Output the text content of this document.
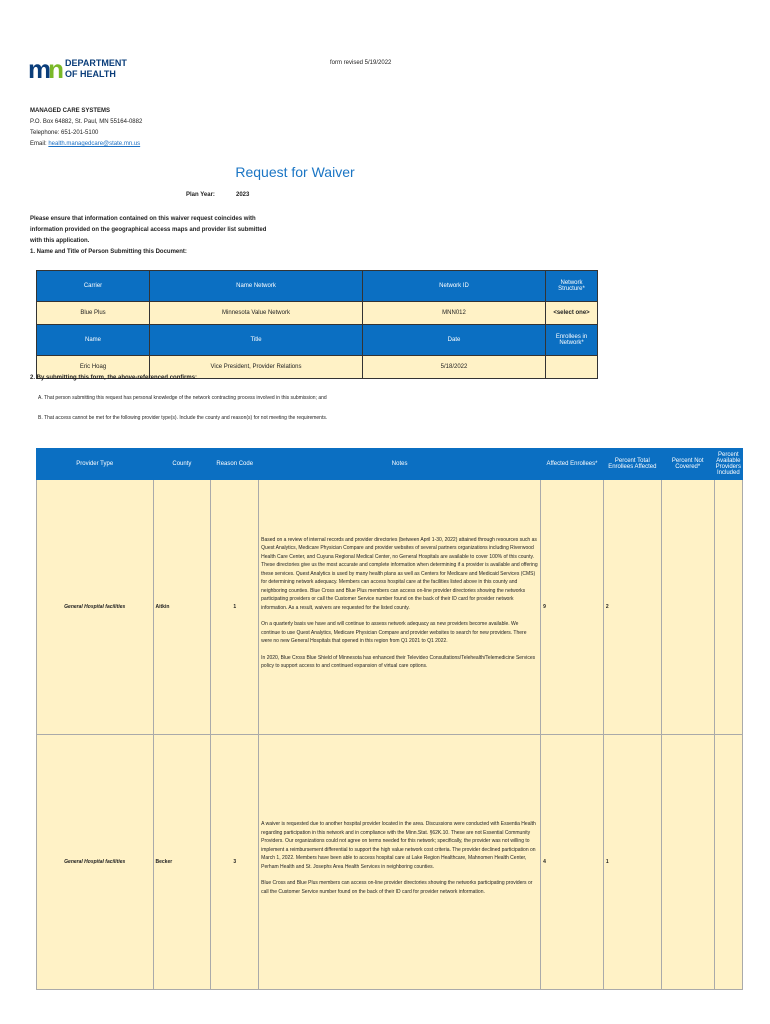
form revised 5/19/2022
mn DEPARTMENT
OF HEALTH
MANAGED CARE SYSTEMS
P.O. Box 64882, St. Paul, MN 55164-0882
Telephone: 651-201-5100
Email: health.managedcare@state.mn.us
Request for Waiver
Plan Year:	2023
Please ensure that information contained on this waiver request coincides with information provided on the geographical access maps and provider list submitted with this application.
1. Name and Title of Person Submitting this Document:
Carrier	Name Network	Network ID	Network Structure*
Blue Plus	Minnesota Value Network	MNN012	<select one>
Name	Title	Date	Enrollees in Network*
Eric Hoag	Vice President, Provider Relations	5/18/2022	
2. By submitting this form, the above-referenced confirms:
A. That person submitting this request has personal knowledge of the network contracting process involved in this submission; and
B. That access cannot be met for the following provider type(s). Include the county and reason(s) for not meeting the requirements.
Provider Type	County	Reason Code	Notes	Affected Enrollees*	Percent Total Enrollees Affected	Percent Not Covered*	Percent Available Providers Included
General Hospital facilities	Aitkin	1	Based on a review of internal records and provider directories (between April 1-30, 2022) attained through resources such as Quest Analytics, Medicare Physician Compare and provider websites of several partners organizations including Riverwood Health Care Center, and Cuyuna Regional Medical Center, no General Hospitals are available to cover 100% of this county. These directories give us the most accurate and complete information when determining if a provider is available and offering these services. Quest Analytics is used by many health plans as well as Centers for Medicare and Medicaid Services (CMS) for determining network adequacy. Members can access hospital care at the facilities listed above in this county and neighboring counties. Blue Cross and Blue Plus members can access on-line provider directories showing the networks participating providers or call the Customer Service number found on the back of their ID card for provider network information. As a result, waivers are requested for the listed county.

On a quarterly basis we have and will continue to assess network adequacy as new providers become available. We continue to use Quest Analytics, Medicare Physician Compare and provider websites to search for new providers. There were no new General Hospitals that opened in this region from Q1 2021 to Q1 2022.

In 2020, Blue Cross Blue Shield of Minnesota has enhanced their Televideo Consultations/Telehealth/Telemedicine Services policy to support access to and continued expansion of virtual care options.	9	2		
General Hospital facilities	Becker	3	A waiver is requested due to another hospital provider located in the area. Discussions were conducted with Essentia Health regarding participation in this network and in compliance with the Minn.Stat. §62K.10. These are not Essential Community Providers. Our organizations could not agree on terms needed for this network; specifically, the provider was not willing to implement a reimbursement differential to support the high value network cost criteria. The provider declined participation on March 1, 2022. Members have been able to access hospital care at Lake Region Healthcare, Mahnomen Health Center, Perham Health and St. Josephs Area Health Services in neighboring counties.

Blue Cross and Blue Plus members can access on-line provider directories showing the networks participating providers or call the Customer Service number found on the back of their ID card for provider network information.	4	1		
